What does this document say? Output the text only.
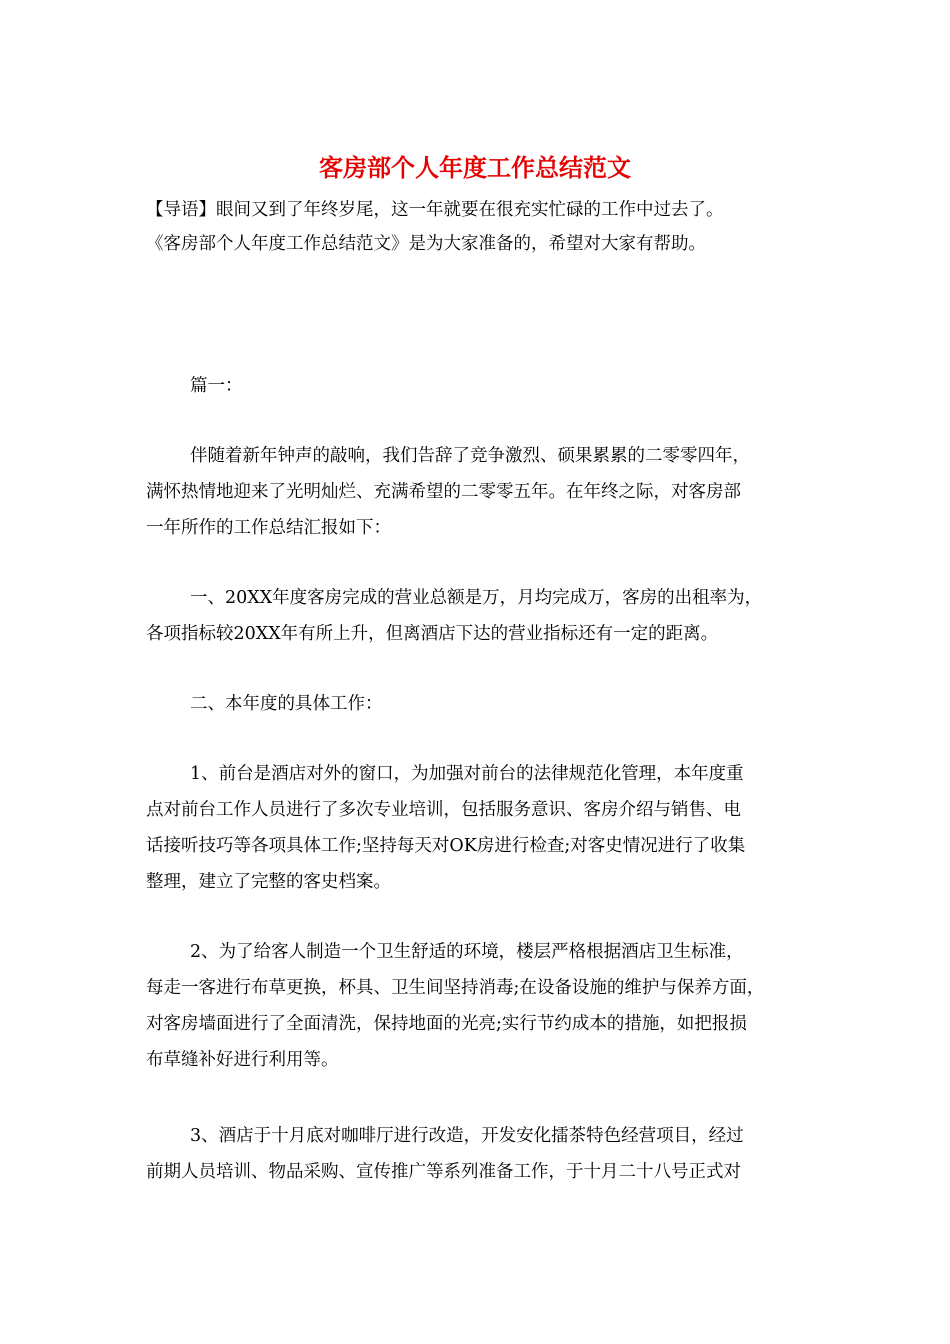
客房部个人年度工作总结范文
【导语】眼间又到了年终岁尾，这一年就要在很充实忙碌的工作中过去了。
《客房部个人年度工作总结范文》是为大家准备的，希望对大家有帮助。
篇一：
伴随着新年钟声的敲响，我们告辞了竞争激烈、硕果累累的二零零四年，
满怀热情地迎来了光明灿烂、充满希望的二零零五年。在年终之际，对客房部
一年所作的工作总结汇报如下：
一、20XX年度客房完成的营业总额是万，月均完成万，客房的出租率为，
各项指标较20XX年有所上升，但离酒店下达的营业指标还有一定的距离。
二、本年度的具体工作：
1、前台是酒店对外的窗口，为加强对前台的法律规范化管理，本年度重
点对前台工作人员进行了多次专业培训，包括服务意识、客房介绍与销售、电
话接听技巧等各项具体工作;坚持每天对OK房进行检查;对客史情况进行了收集
整理，建立了完整的客史档案。
2、为了给客人制造一个卫生舒适的环境，楼层严格根据酒店卫生标准，
每走一客进行布草更换，杯具、卫生间坚持消毒;在设备设施的维护与保养方面，
对客房墙面进行了全面清洗，保持地面的光亮;实行节约成本的措施，如把报损
布草缝补好进行利用等。
3、酒店于十月底对咖啡厅进行改造，开发安化擂茶特色经营项目，经过
前期人员培训、物品采购、宣传推广等系列准备工作，于十月二十八号正式对
